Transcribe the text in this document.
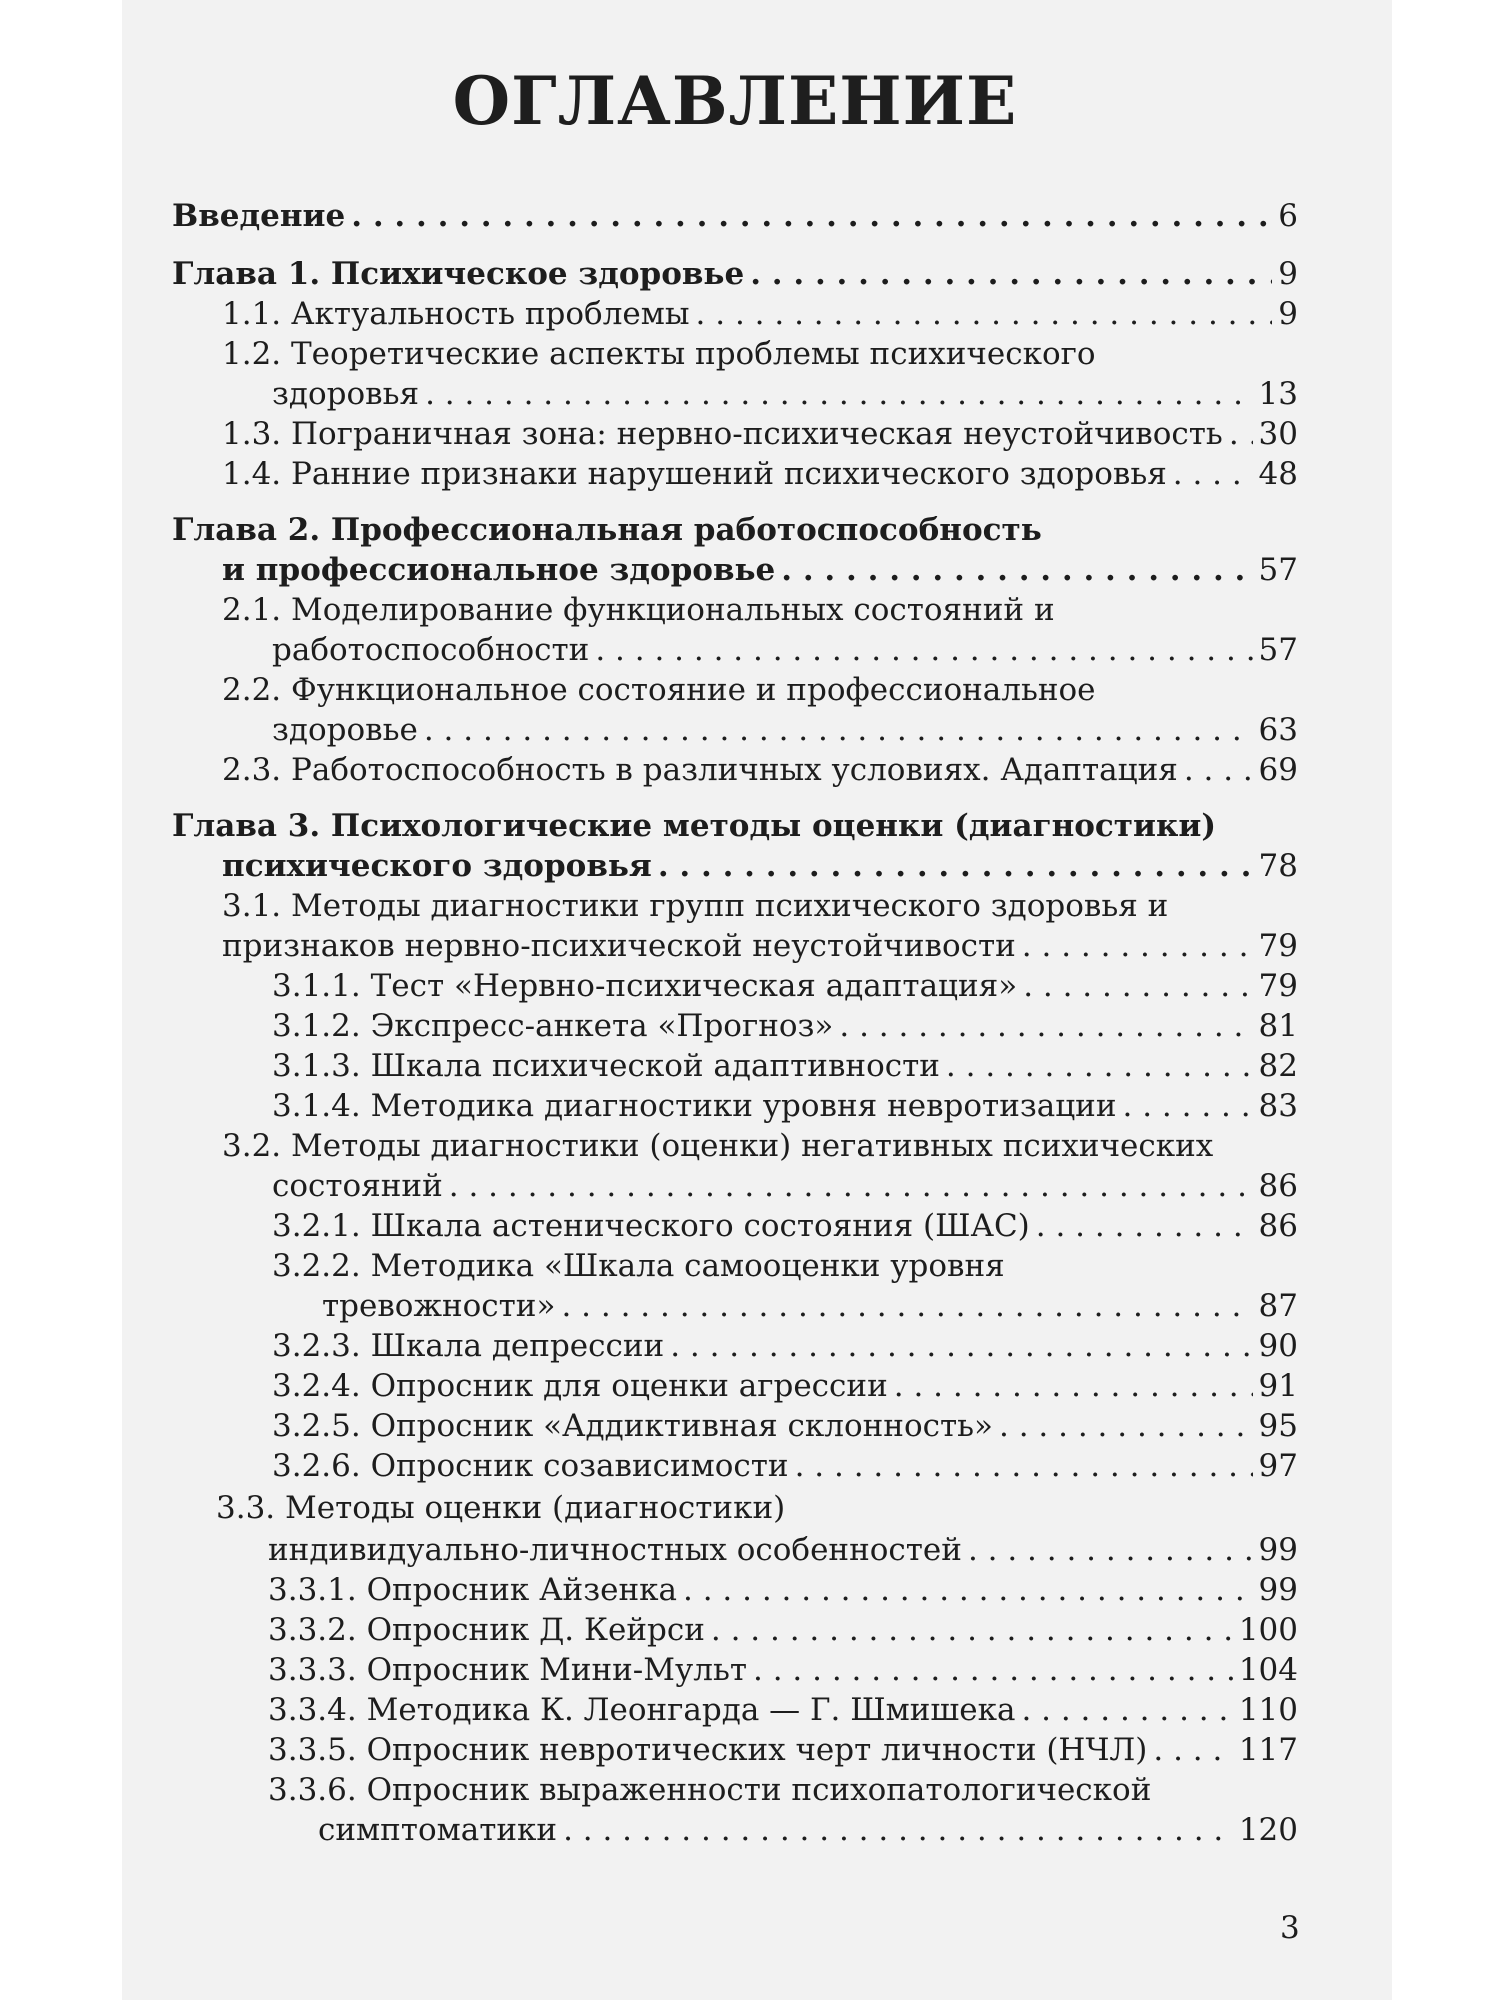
ОГЛАВЛЕНИЕ
Введение . . .	6
Глава 1. Психическое здоровье . . .	9
1.1. Актуальность проблемы . . .	9
1.2. Теоретические аспекты проблемы психического
здоровья . . .	13
1.3. Пограничная зона: нервно-психическая неустойчивость . . . 30
1.4. Ранние признаки нарушений психического здоровья . . .	48
Глава 2. Профессиональная работоспособность
и профессиональное здоровье . . .	57
2.1. Моделирование функциональных состояний и
работоспособности . . .	57
2.2. Функциональное состояние и профессиональное
здоровье . . .	63
2.3. Работоспособность в различных условиях. Адаптация . . .	69
Глава 3. Психологические методы оценки (диагностики)
психического здоровья . . .	78
3.1. Методы диагностики групп психического здоровья и
признаков нервно-психической неустойчивости . . .	79
3.1.1. Тест «Нервно-психическая адаптация» . . .	79
3.1.2. Экспресс-анкета «Прогноз» . . .	81
3.1.3. Шкала психической адаптивности . . .	82
3.1.4. Методика диагностики уровня невротизации . . .	83
3.2. Методы диагностики (оценки) негативных психических
состояний . . .	86
3.2.1. Шкала астенического состояния (ШАС) . . .	86
3.2.2. Методика «Шкала самооценки уровня
тревожности» . . .	87
3.2.3. Шкала депрессии . . .	90
3.2.4. Опросник для оценки агрессии . . .	91
3.2.5. Опросник «Аддиктивная склонность» . . .	95
3.2.6. Опросник созависимости . . .	97
3.3. Методы оценки (диагностики)
индивидуально-личностных особенностей . . .	99
3.3.1. Опросник Айзенка . . .	99
3.3.2. Опросник Д. Кейрси . . .	100
3.3.3. Опросник Мини-Мульт . . .	104
3.3.4. Методика К. Леонгарда — Г. Шмишека . . .	110
3.3.5. Опросник невротических черт личности (НЧЛ) . . .	117
3.3.6. Опросник выраженности психопатологической
симптоматики . . .	120
3
